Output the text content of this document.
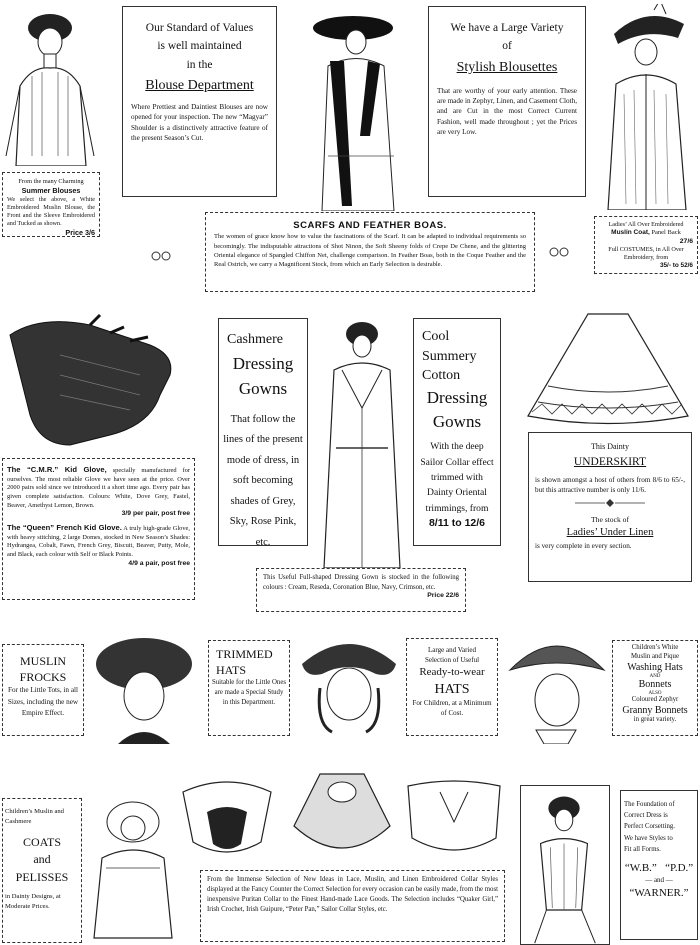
Our Standard of Values

is well maintained

in the

Blouse Department

Where Prettiest and Daintiest Blouses are now opened for your inspection. The new “Magyar” Shoulder is a distinctively attractive feature of the present Season’s Cut.

We have a Large Variety

of

Stylish Blousettes

That are worthy of your early attention. These are made in Zephyr, Linen, and Casement Cloth, and are Cut in the most Correct Current Fashion, well made throughout ; yet the Prices are very Low.

From the many Charming

Summer Blouses

We select the above, a White Embroidered Muslin Blouse, the Front and the Sleeve Embroidered and Tucked as shown.

Price 3/6

SCARFS AND FEATHER BOAS.

The women of grace know how to value the fascinations of the Scarf. It can be adapted to individual requirements so becomingly. The indisputable attractions of Shot Ninon, the Soft Sheeny folds of Crepe De Chene, and the glittering Oriental elegance of Spangled Chiffon Net, challenge comparison. In Feather Boas, both in the Coque Feather and the Real Ostrich, we carry a Magnificent Stock, from which an Early Selection is desirable.

Ladies’ All Over Embroidered

Muslin Coat, Panel Back

27/6

Full COSTUMES, in All Over Embroidery, from

35/- to 52/6

The “C.M.R.” Kid Glove, specially manufactured for ourselves. The most reliable Glove we have seen at the price. Over 2000 pairs sold since we introduced it a short time ago. Every pair has given complete satisfaction. Colours: White, Dove Grey, Fastel, Beaver, Amethyst Lemon, Brown.

3/9 per pair, post free

The “Queen” French Kid Glove. A truly high-grade Glove, with heavy stitching, 2 large Domes, stocked in New Season’s Shades: Hydrangea, Cobalt, Fawn, French Grey, Biscuit, Beaver, Putty, Mole, and Black, each colour with Self or Black Points.

4/9 a pair, post free

Cashmere

Dressing

Gowns

That follow the lines of the present mode of dress, in soft becoming shades of Grey, Sky, Rose Pink, etc.

Cool

Summery

Cotton

Dressing

Gowns

With the deep Sailor Collar effect trimmed with Dainty Oriental trimmings, from

8/11 to 12/6

This Dainty

UNDERSKIRT

is shown amongst a host of others from 8/6 to 65/-, but this attractive number is only 11/6.

The stock of

Ladies’ Under Linen

is very complete in every section.

This Useful Full-shaped Dressing Gown is stocked in the following colours : Cream, Reseda, Coronation Blue, Navy, Crimson, etc.

Price 22/6

MUSLIN

FROCKS

For the Little Tots, in all Sizes, including the new Empire Effect.

TRIMMED

HATS

Suitable for the Little Ones are made a Special Study in this Department.

Large and Varied

Selection of Useful

Ready-to-wear

HATS

For Children, at a Minimum of Cost.

Children’s White

Muslin and Pique

Washing Hats

AND

Bonnets

ALSO

Coloured Zephyr

Granny Bonnets

in great variety.

Children’s Muslin and

Cashmere

COATS

and

PELISSES

in Dainty Designs, at

Moderate Prices.

From the Immense Selection of New Ideas in Lace, Muslin, and Linen Embroidered Collar Styles displayed at the Fancy Counter the Correct Selection for every occasion can be easily made, from the most inexpensive Puritan Collar to the Finest Hand-made Lace Goods. The Selection includes “Quaker Girl,” Irish Crochet, Irish Guipure, “Peter Pan,” Sailor Collar Styles, etc.

The Foundation of

Correct Dress is

Perfect Corsetting.

We have Styles to

Fit all Forms.

“W.B.” “P.D.”

— and —

“WARNER.”
